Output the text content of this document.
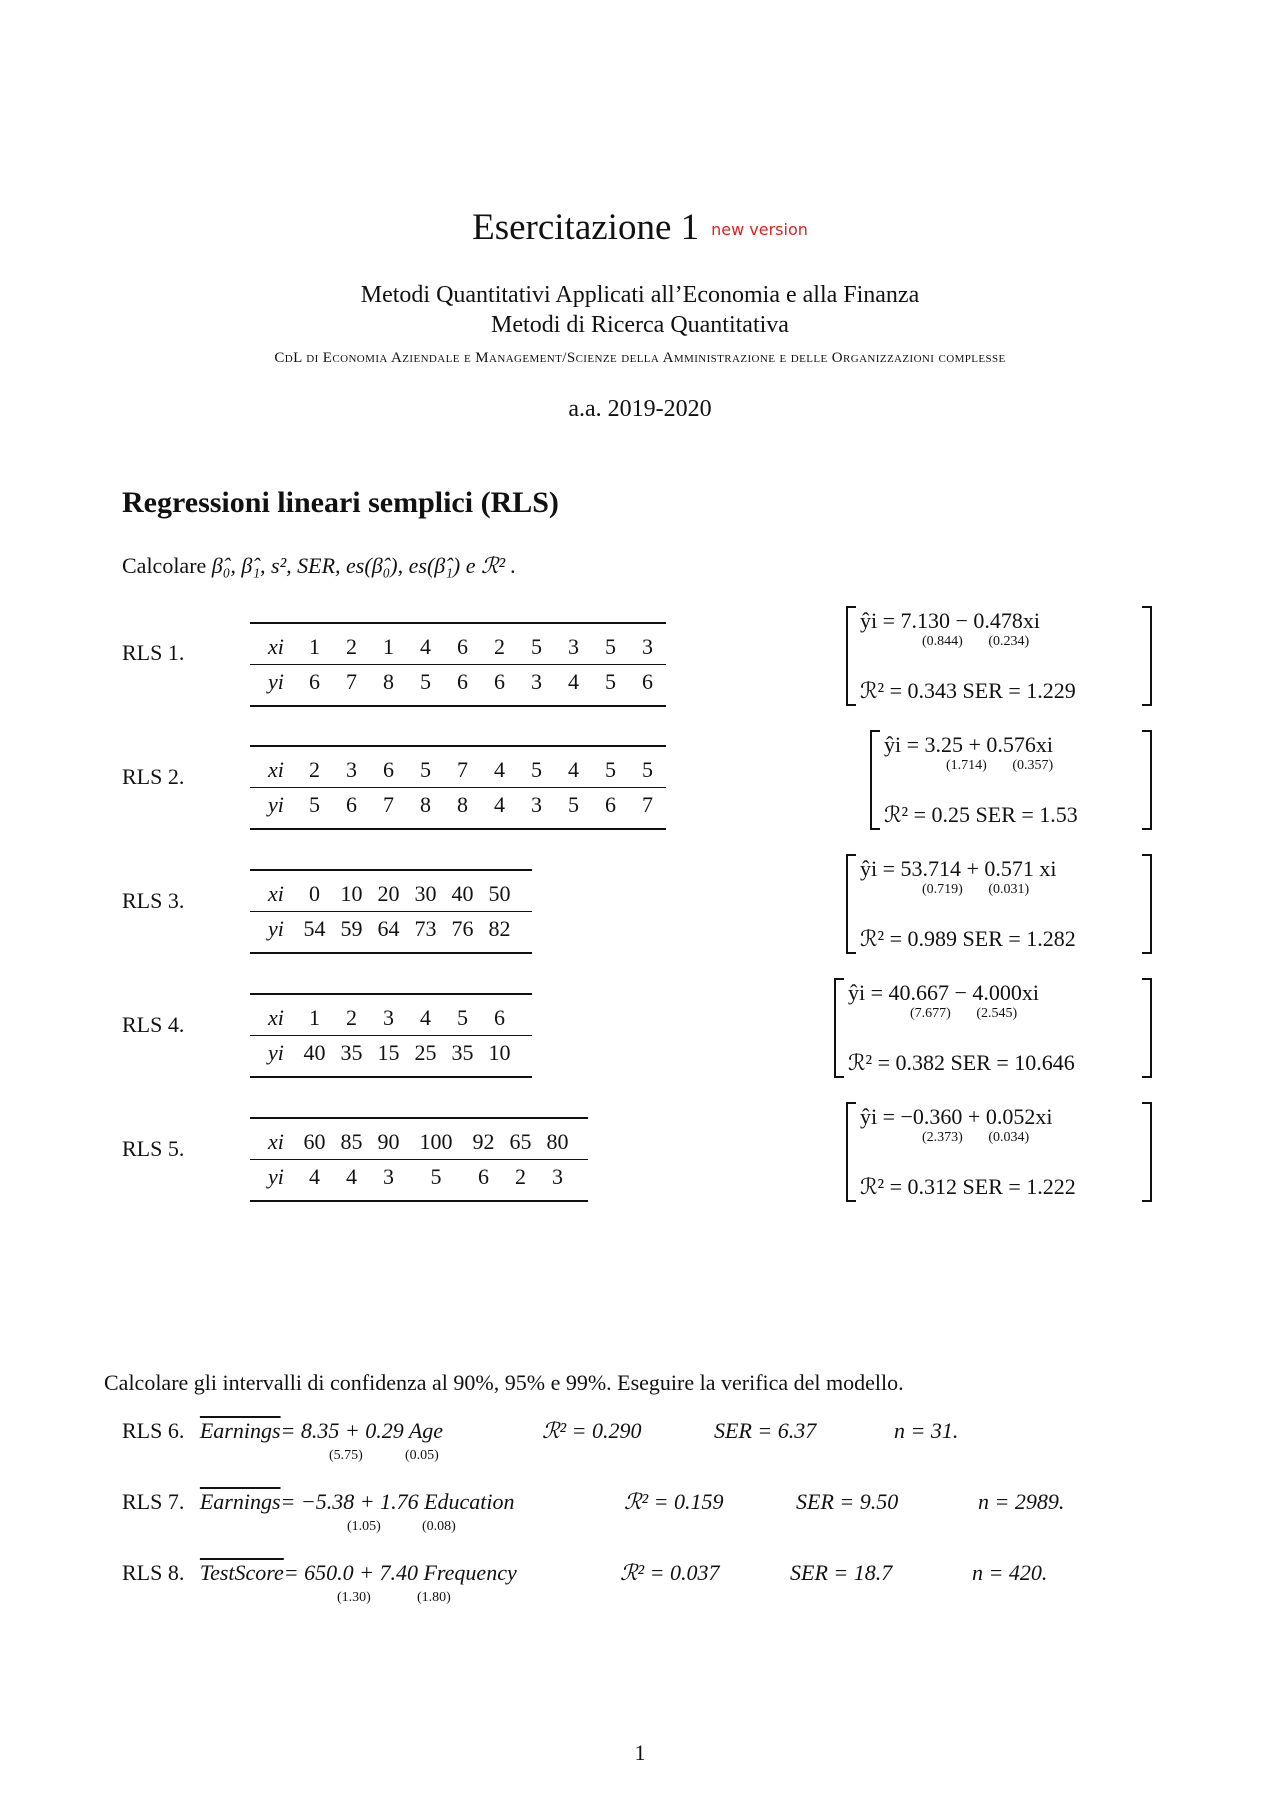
Esercitazione 1 new version
Metodi Quantitativi Applicati all’Economia e alla Finanza
Metodi di Ricerca Quantitativa
CdL di Economia Aziendale e Management/Scienze della Amministrazione e delle Organizzazioni complesse
a.a. 2019-2020
Regressioni lineari semplici (RLS)
Calcolare β̂₀, β̂₁, s², SER, es(β̂₀), es(β̂₁) e ℛ² .
RLS 1.	xi	1	2	1	4	6	2	5	3	5	3
yi	6	7	8	5	6	6	3	4	5	6
ŷi = 7.130 − 0.478xi
(0.844) (0.234)
ℛ² = 0.343 SER = 1.229
RLS 2.	xi	2	3	6	5	7	4	5	4	5	5
yi	5	6	7	8	8	4	3	5	6	7
ŷi = 3.25 + 0.576xi
(1.714) (0.357)
ℛ² = 0.25 SER = 1.53
RLS 3.	xi	0	10	20	30	40	50	
yi	54	59	64	73	76	82	
ŷi = 53.714 + 0.571 xi
(0.719) (0.031)
ℛ² = 0.989 SER = 1.282
RLS 4.	xi	1	2	3	4	5	6	
yi	40	35	15	25	35	10	
ŷi = 40.667 − 4.000xi
(7.677) (2.545)
ℛ² = 0.382 SER = 10.646
RLS 5.	xi	60	85	90	100	92	65	80	
yi	4	4	3	5	6	2	3	
ŷi = −0.360 + 0.052xi
(2.373) (0.034)
ℛ² = 0.312 SER = 1.222
Calcolare gli intervalli di confidenza al 90%, 95% e 99%. Eseguire la verifica del modello.
RLS 6. Earnings= 8.35 + 0.29 Age
(5.75)	(0.05)
ℛ² = 0.290	SER = 6.37	n = 31.
RLS 7. Earnings= −5.38 + 1.76 Education
(1.05)	(0.08)
ℛ² = 0.159	SER = 9.50	n = 2989.
RLS 8. TestScore= 650.0 + 7.40 Frequency
(1.30)	(1.80)
ℛ² = 0.037	SER = 18.7	n = 420.
1
